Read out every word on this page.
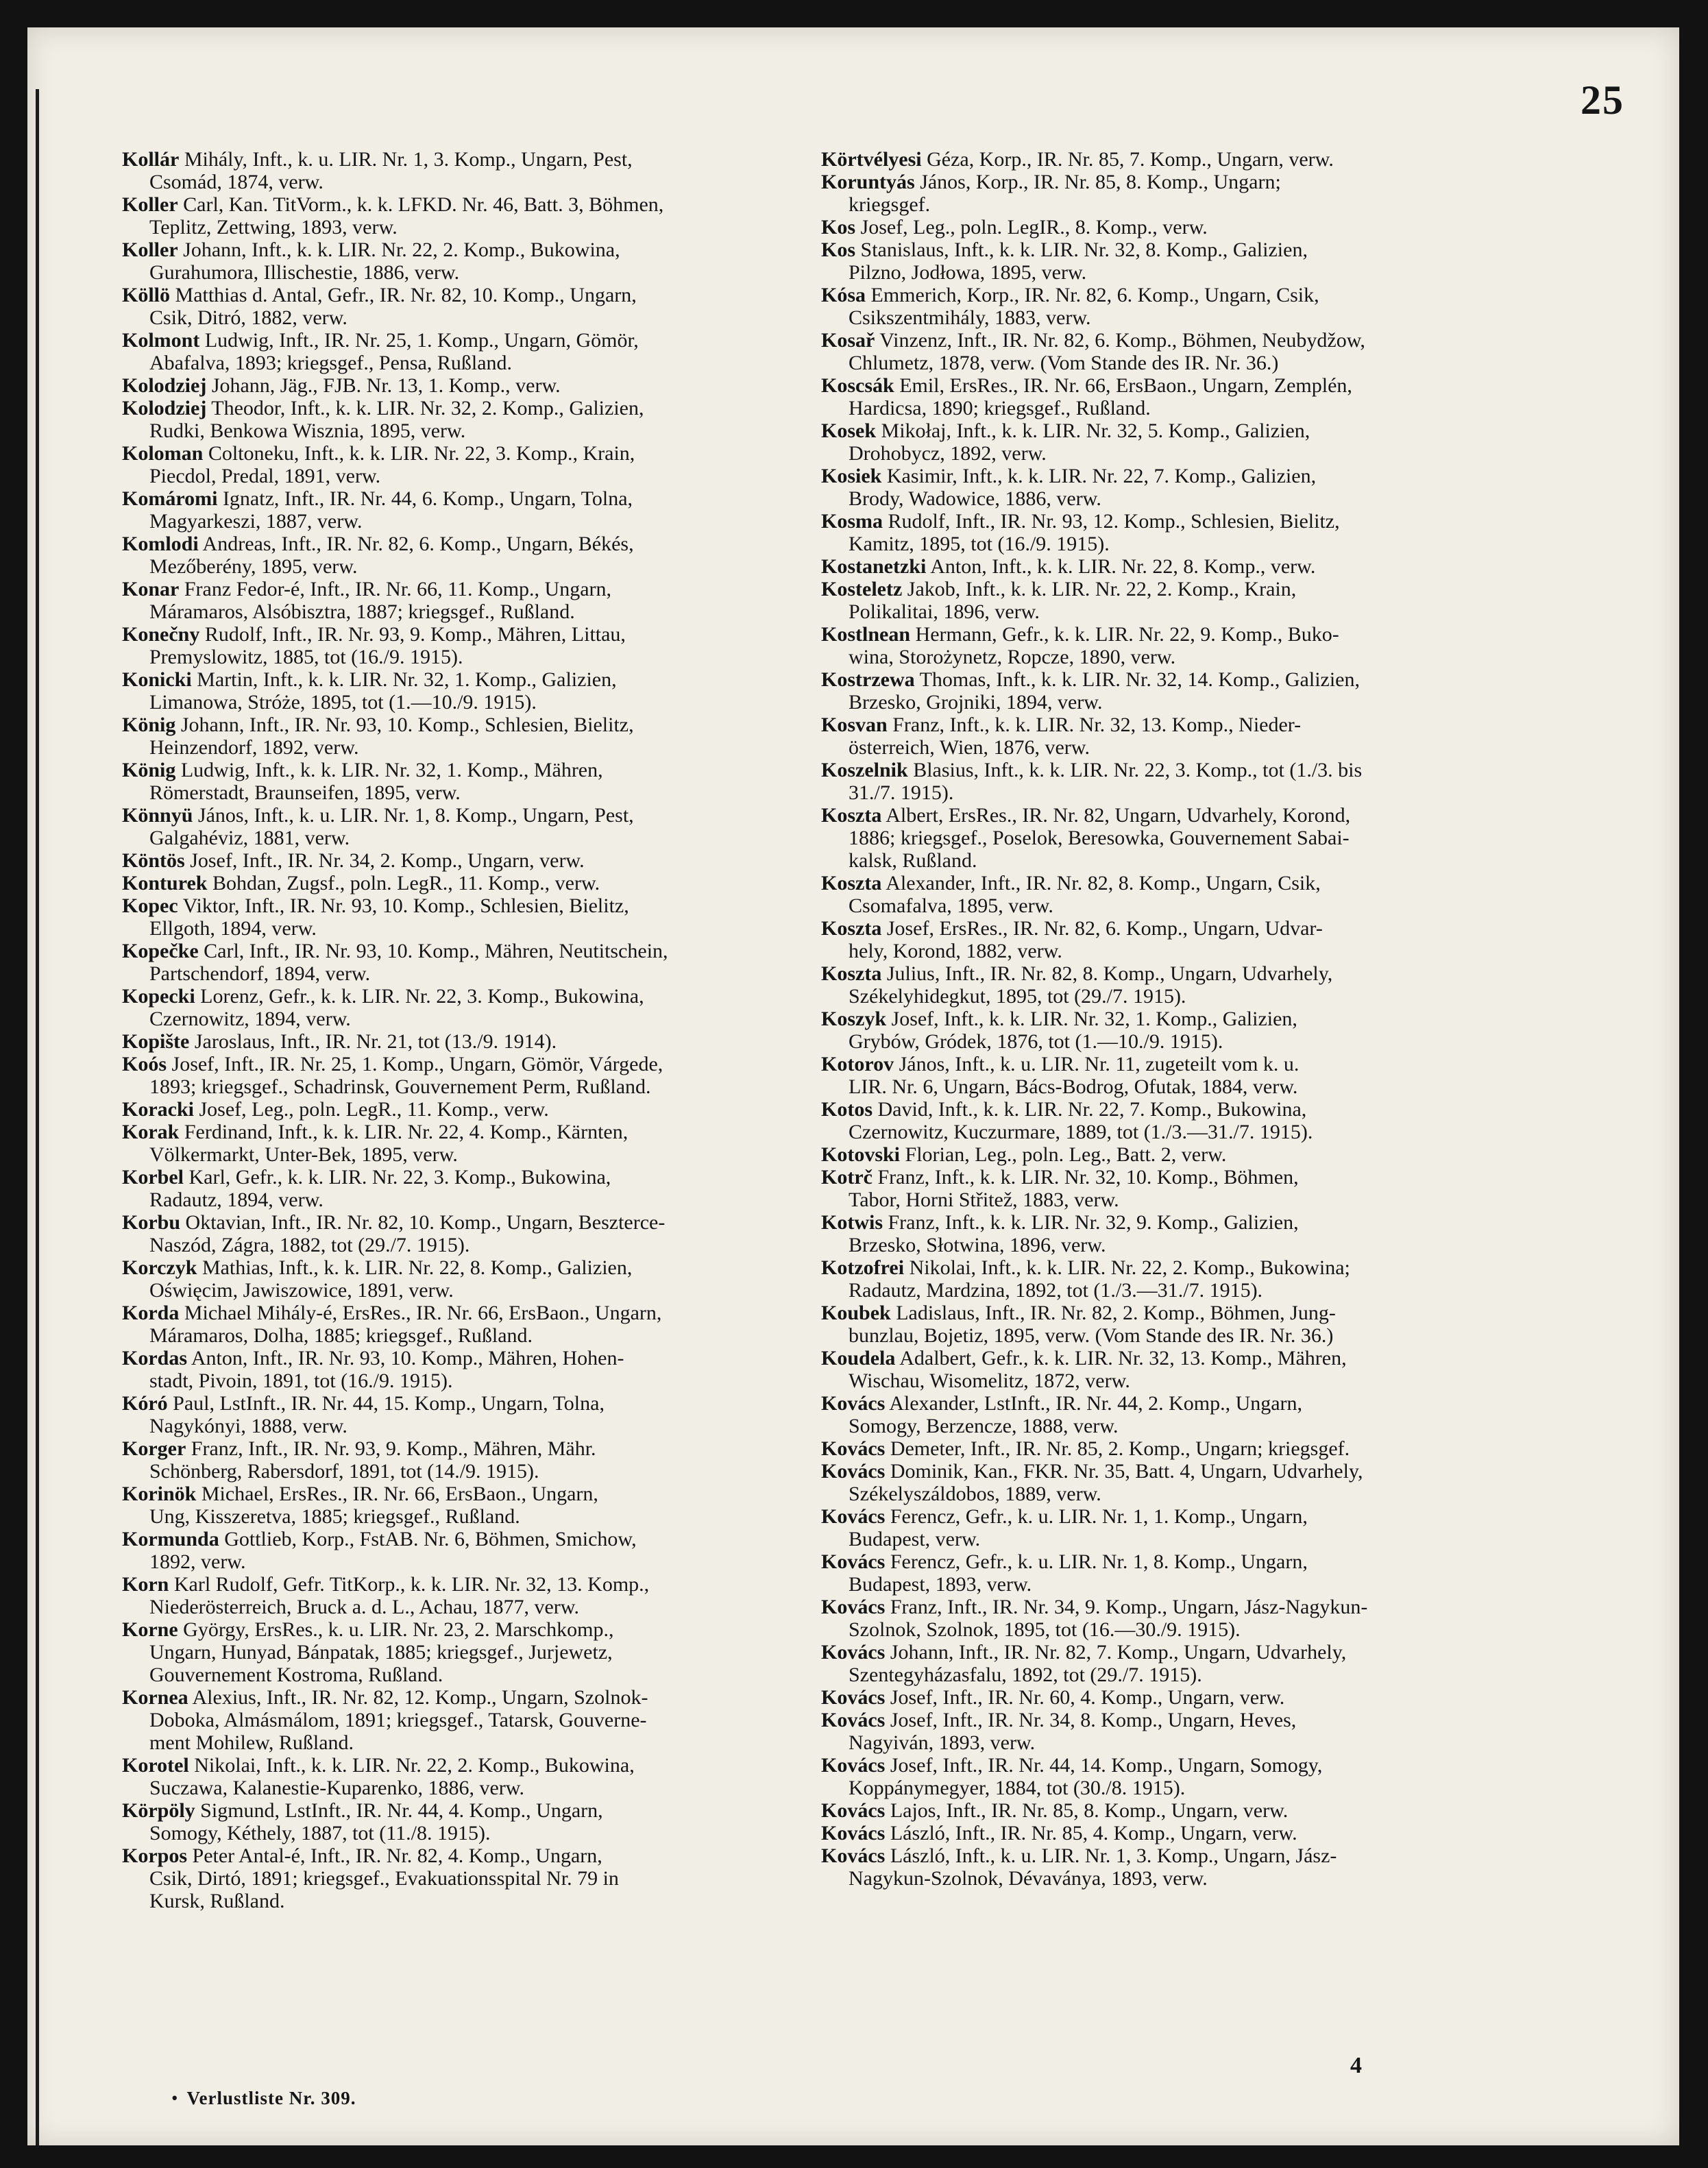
25
Kollár Mihály, Inft., k. u. LIR. Nr. 1, 3. Komp., Ungarn, Pest,
Csomád, 1874, verw.
Koller Carl, Kan. TitVorm., k. k. LFKD. Nr. 46, Batt. 3, Böhmen,
Teplitz, Zettwing, 1893, verw.
Koller Johann, Inft., k. k. LIR. Nr. 22, 2. Komp., Bukowina,
Gurahumora, Illischestie, 1886, verw.
Köllö Matthias d. Antal, Gefr., IR. Nr. 82, 10. Komp., Ungarn,
Csik, Ditró, 1882, verw.
Kolmont Ludwig, Inft., IR. Nr. 25, 1. Komp., Ungarn, Gömör,
Abafalva, 1893; kriegsgef., Pensa, Rußland.
Kolodziej Johann, Jäg., FJB. Nr. 13, 1. Komp., verw.
Kolodziej Theodor, Inft., k. k. LIR. Nr. 32, 2. Komp., Galizien,
Rudki, Benkowa Wisznia, 1895, verw.
Koloman Coltoneku, Inft., k. k. LIR. Nr. 22, 3. Komp., Krain,
Piecdol, Predal, 1891, verw.
Komáromi Ignatz, Inft., IR. Nr. 44, 6. Komp., Ungarn, Tolna,
Magyarkeszi, 1887, verw.
Komlodi Andreas, Inft., IR. Nr. 82, 6. Komp., Ungarn, Békés,
Mezőberény, 1895, verw.
Konar Franz Fedor-é, Inft., IR. Nr. 66, 11. Komp., Ungarn,
Máramaros, Alsóbisztra, 1887; kriegsgef., Rußland.
Konečny Rudolf, Inft., IR. Nr. 93, 9. Komp., Mähren, Littau,
Premyslowitz, 1885, tot (16./9. 1915).
Konicki Martin, Inft., k. k. LIR. Nr. 32, 1. Komp., Galizien,
Limanowa, Stróże, 1895, tot (1.—10./9. 1915).
König Johann, Inft., IR. Nr. 93, 10. Komp., Schlesien, Bielitz,
Heinzendorf, 1892, verw.
König Ludwig, Inft., k. k. LIR. Nr. 32, 1. Komp., Mähren,
Römerstadt, Braunseifen, 1895, verw.
Könnyü János, Inft., k. u. LIR. Nr. 1, 8. Komp., Ungarn, Pest,
Galgahéviz, 1881, verw.
Köntös Josef, Inft., IR. Nr. 34, 2. Komp., Ungarn, verw.
Konturek Bohdan, Zugsf., poln. LegR., 11. Komp., verw.
Kopec Viktor, Inft., IR. Nr. 93, 10. Komp., Schlesien, Bielitz,
Ellgoth, 1894, verw.
Kopečke Carl, Inft., IR. Nr. 93, 10. Komp., Mähren, Neutitschein,
Partschendorf, 1894, verw.
Kopecki Lorenz, Gefr., k. k. LIR. Nr. 22, 3. Komp., Bukowina,
Czernowitz, 1894, verw.
Kopište Jaroslaus, Inft., IR. Nr. 21, tot (13./9. 1914).
Koós Josef, Inft., IR. Nr. 25, 1. Komp., Ungarn, Gömör, Várgede,
1893; kriegsgef., Schadrinsk, Gouvernement Perm, Rußland.
Koracki Josef, Leg., poln. LegR., 11. Komp., verw.
Korak Ferdinand, Inft., k. k. LIR. Nr. 22, 4. Komp., Kärnten,
Völkermarkt, Unter-Bek, 1895, verw.
Korbel Karl, Gefr., k. k. LIR. Nr. 22, 3. Komp., Bukowina,
Radautz, 1894, verw.
Korbu Oktavian, Inft., IR. Nr. 82, 10. Komp., Ungarn, Beszterce-
Naszód, Zágra, 1882, tot (29./7. 1915).
Korczyk Mathias, Inft., k. k. LIR. Nr. 22, 8. Komp., Galizien,
Oświęcim, Jawiszowice, 1891, verw.
Korda Michael Mihály-é, ErsRes., IR. Nr. 66, ErsBaon., Ungarn,
Máramaros, Dolha, 1885; kriegsgef., Rußland.
Kordas Anton, Inft., IR. Nr. 93, 10. Komp., Mähren, Hohen-
stadt, Pivoin, 1891, tot (16./9. 1915).
Kóró Paul, LstInft., IR. Nr. 44, 15. Komp., Ungarn, Tolna,
Nagykónyi, 1888, verw.
Korger Franz, Inft., IR. Nr. 93, 9. Komp., Mähren, Mähr.
Schönberg, Rabersdorf, 1891, tot (14./9. 1915).
Korinök Michael, ErsRes., IR. Nr. 66, ErsBaon., Ungarn,
Ung, Kisszeretva, 1885; kriegsgef., Rußland.
Kormunda Gottlieb, Korp., FstAB. Nr. 6, Böhmen, Smichow,
1892, verw.
Korn Karl Rudolf, Gefr. TitKorp., k. k. LIR. Nr. 32, 13. Komp.,
Niederösterreich, Bruck a. d. L., Achau, 1877, verw.
Korne György, ErsRes., k. u. LIR. Nr. 23, 2. Marschkomp.,
Ungarn, Hunyad, Bánpatak, 1885; kriegsgef., Jurjewetz,
Gouvernement Kostroma, Rußland.
Kornea Alexius, Inft., IR. Nr. 82, 12. Komp., Ungarn, Szolnok-
Doboka, Almásmálom, 1891; kriegsgef., Tatarsk, Gouverne-
ment Mohilew, Rußland.
Korotel Nikolai, Inft., k. k. LIR. Nr. 22, 2. Komp., Bukowina,
Suczawa, Kalanestie-Kuparenko, 1886, verw.
Körpöly Sigmund, LstInft., IR. Nr. 44, 4. Komp., Ungarn,
Somogy, Kéthely, 1887, tot (11./8. 1915).
Korpos Peter Antal-é, Inft., IR. Nr. 82, 4. Komp., Ungarn,
Csik, Dirtó, 1891; kriegsgef., Evakuationsspital Nr. 79 in
Kursk, Rußland.
Körtvélyesi Géza, Korp., IR. Nr. 85, 7. Komp., Ungarn, verw.
Koruntyás János, Korp., IR. Nr. 85, 8. Komp., Ungarn;
kriegsgef.
Kos Josef, Leg., poln. LegIR., 8. Komp., verw.
Kos Stanislaus, Inft., k. k. LIR. Nr. 32, 8. Komp., Galizien,
Pilzno, Jodłowa, 1895, verw.
Kósa Emmerich, Korp., IR. Nr. 82, 6. Komp., Ungarn, Csik,
Csikszentmihály, 1883, verw.
Kosař Vinzenz, Inft., IR. Nr. 82, 6. Komp., Böhmen, Neubydžow,
Chlumetz, 1878, verw. (Vom Stande des IR. Nr. 36.)
Koscsák Emil, ErsRes., IR. Nr. 66, ErsBaon., Ungarn, Zemplén,
Hardicsa, 1890; kriegsgef., Rußland.
Kosek Mikołaj, Inft., k. k. LIR. Nr. 32, 5. Komp., Galizien,
Drohobycz, 1892, verw.
Kosiek Kasimir, Inft., k. k. LIR. Nr. 22, 7. Komp., Galizien,
Brody, Wadowice, 1886, verw.
Kosma Rudolf, Inft., IR. Nr. 93, 12. Komp., Schlesien, Bielitz,
Kamitz, 1895, tot (16./9. 1915).
Kostanetzki Anton, Inft., k. k. LIR. Nr. 22, 8. Komp., verw.
Kosteletz Jakob, Inft., k. k. LIR. Nr. 22, 2. Komp., Krain,
Polikalitai, 1896, verw.
Kostlnean Hermann, Gefr., k. k. LIR. Nr. 22, 9. Komp., Buko-
wina, Storożynetz, Ropcze, 1890, verw.
Kostrzewa Thomas, Inft., k. k. LIR. Nr. 32, 14. Komp., Galizien,
Brzesko, Grojniki, 1894, verw.
Kosvan Franz, Inft., k. k. LIR. Nr. 32, 13. Komp., Nieder-
österreich, Wien, 1876, verw.
Koszelnik Blasius, Inft., k. k. LIR. Nr. 22, 3. Komp., tot (1./3. bis
31./7. 1915).
Koszta Albert, ErsRes., IR. Nr. 82, Ungarn, Udvarhely, Korond,
1886; kriegsgef., Poselok, Beresowka, Gouvernement Sabai-
kalsk, Rußland.
Koszta Alexander, Inft., IR. Nr. 82, 8. Komp., Ungarn, Csik,
Csomafalva, 1895, verw.
Koszta Josef, ErsRes., IR. Nr. 82, 6. Komp., Ungarn, Udvar-
hely, Korond, 1882, verw.
Koszta Julius, Inft., IR. Nr. 82, 8. Komp., Ungarn, Udvarhely,
Székelyhidegkut, 1895, tot (29./7. 1915).
Koszyk Josef, Inft., k. k. LIR. Nr. 32, 1. Komp., Galizien,
Grybów, Gródek, 1876, tot (1.—10./9. 1915).
Kotorov János, Inft., k. u. LIR. Nr. 11, zugeteilt vom k. u.
LIR. Nr. 6, Ungarn, Bács-Bodrog, Ofutak, 1884, verw.
Kotos David, Inft., k. k. LIR. Nr. 22, 7. Komp., Bukowina,
Czernowitz, Kuczurmare, 1889, tot (1./3.—31./7. 1915).
Kotovski Florian, Leg., poln. Leg., Batt. 2, verw.
Kotrč Franz, Inft., k. k. LIR. Nr. 32, 10. Komp., Böhmen,
Tabor, Horni Střitež, 1883, verw.
Kotwis Franz, Inft., k. k. LIR. Nr. 32, 9. Komp., Galizien,
Brzesko, Słotwina, 1896, verw.
Kotzofrei Nikolai, Inft., k. k. LIR. Nr. 22, 2. Komp., Bukowina;
Radautz, Mardzina, 1892, tot (1./3.—31./7. 1915).
Koubek Ladislaus, Inft., IR. Nr. 82, 2. Komp., Böhmen, Jung-
bunzlau, Bojetiz, 1895, verw. (Vom Stande des IR. Nr. 36.)
Koudela Adalbert, Gefr., k. k. LIR. Nr. 32, 13. Komp., Mähren,
Wischau, Wisomelitz, 1872, verw.
Kovács Alexander, LstInft., IR. Nr. 44, 2. Komp., Ungarn,
Somogy, Berzencze, 1888, verw.
Kovács Demeter, Inft., IR. Nr. 85, 2. Komp., Ungarn; kriegsgef.
Kovács Dominik, Kan., FKR. Nr. 35, Batt. 4, Ungarn, Udvarhely,
Székelyszáldobos, 1889, verw.
Kovács Ferencz, Gefr., k. u. LIR. Nr. 1, 1. Komp., Ungarn,
Budapest, verw.
Kovács Ferencz, Gefr., k. u. LIR. Nr. 1, 8. Komp., Ungarn,
Budapest, 1893, verw.
Kovács Franz, Inft., IR. Nr. 34, 9. Komp., Ungarn, Jász-Nagykun-
Szolnok, Szolnok, 1895, tot (16.—30./9. 1915).
Kovács Johann, Inft., IR. Nr. 82, 7. Komp., Ungarn, Udvarhely,
Szentegyházasfalu, 1892, tot (29./7. 1915).
Kovács Josef, Inft., IR. Nr. 60, 4. Komp., Ungarn, verw.
Kovács Josef, Inft., IR. Nr. 34, 8. Komp., Ungarn, Heves,
Nagyiván, 1893, verw.
Kovács Josef, Inft., IR. Nr. 44, 14. Komp., Ungarn, Somogy,
Koppánymegyer, 1884, tot (30./8. 1915).
Kovács Lajos, Inft., IR. Nr. 85, 8. Komp., Ungarn, verw.
Kovács László, Inft., IR. Nr. 85, 4. Komp., Ungarn, verw.
Kovács László, Inft., k. u. LIR. Nr. 1, 3. Komp., Ungarn, Jász-
Nagykun-Szolnok, Dévaványa, 1893, verw.
• Verlustliste Nr. 309.
4
